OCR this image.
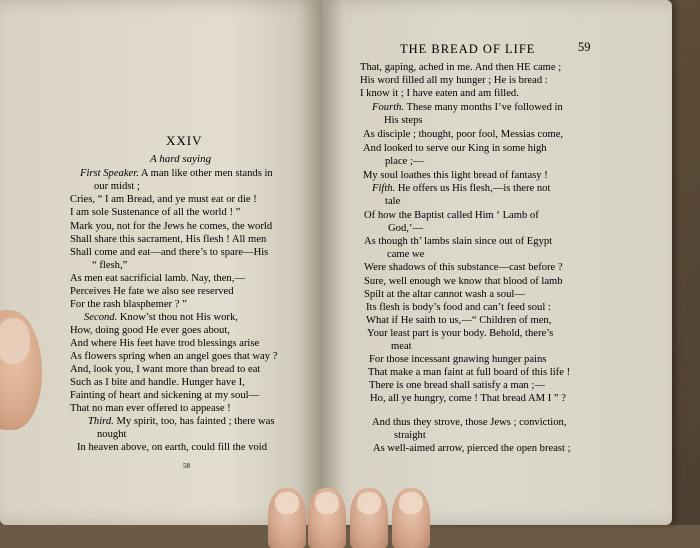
THE BREAD OF LIFE	59
XXIV
A hard saying
58
First Speaker. A man like other men stands in
our midst ;
Cries, “ I am Bread, and ye must eat or die !
I am sole Sustenance of all the world ! ”
Mark you, not for the Jews he comes, the world
Shall share this sacrament, His flesh ! All men
Shall come and eat—and there’s to spare—His
“ flesh,”
As men eat sacrificial lamb. Nay, then,—
Perceives He fate we also see reserved
For the rash blasphemer ? ”
Second. Know’st thou not His work,
How, doing good He ever goes about,
And where His feet have trod blessings arise
As flowers spring when an angel goes that way ?
And, look you, I want more than bread to eat
Such as I bite and handle. Hunger have I,
Fainting of heart and sickening at my soul—
That no man ever offered to appease !
Third. My spirit, too, has fainted ; there was
nought
In heaven above, on earth, could fill the void
That, gaping, ached in me. And then HE came ;
His word filled all my hunger ; He is bread :
I know it ; I have eaten and am filled.
Fourth. These many months I’ve followed in
His steps
As disciple ; thought, poor fool, Messias come,
And looked to serve our King in some high
place ;—
My soul loathes this light bread of fantasy !
Fifth. He offers us His flesh,—is there not
tale
Of how the Baptist called Him ‘ Lamb of
God,’—
As though th’ lambs slain since out of Egypt
came we
Were shadows of this substance—cast before ?
Sure, well enough we know that blood of lamb
Spilt at the altar cannot wash a soul—
Its flesh is body’s food and can’t feed soul :
What if He saith to us,—“ Children of men,
Your least part is your body. Behold, there’s
meat
For those incessant gnawing hunger pains
That make a man faint at full board of this life !
There is one bread shall satisfy a man ;—
Ho, all ye hungry, come ! That bread AM I ” ?
And thus they strove, those Jews ; conviction,
straight
As well-aimed arrow, pierced the open breast ;
